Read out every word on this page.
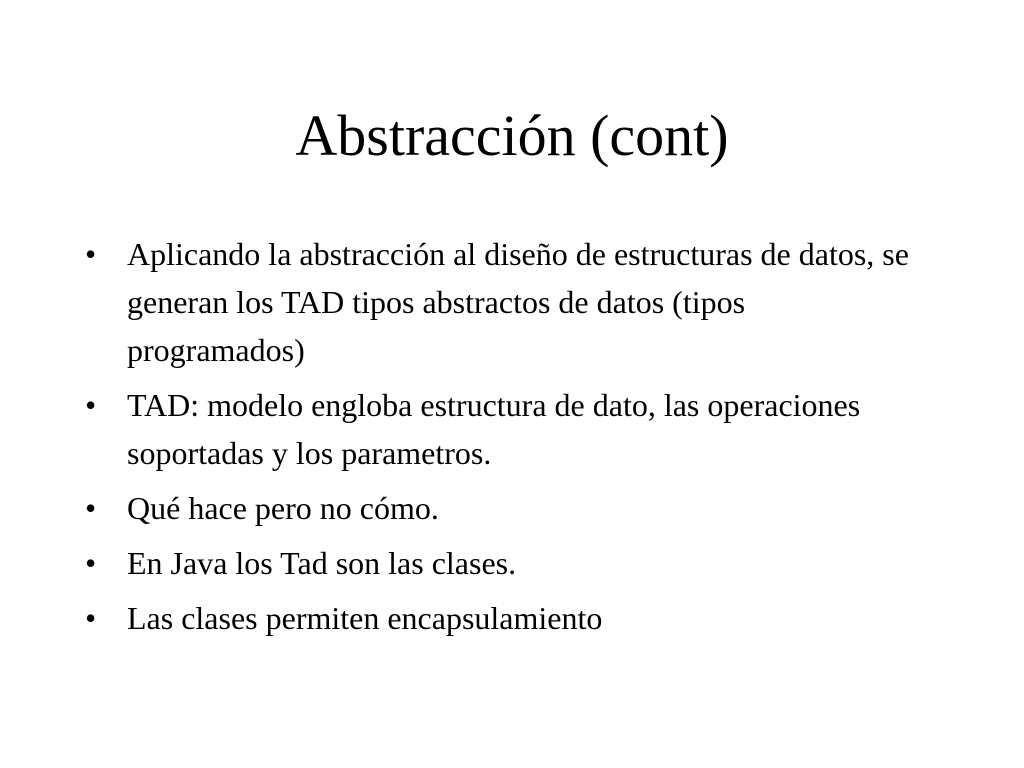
Abstracción (cont)
• Aplicando la abstracción al diseño de estructuras de datos, se generan los TAD tipos abstractos de datos (tipos programados)
• TAD: modelo engloba estructura de dato, las operaciones soportadas y los parametros.
• Qué hace pero no cómo.
• En Java los Tad son las clases.
• Las clases permiten encapsulamiento
